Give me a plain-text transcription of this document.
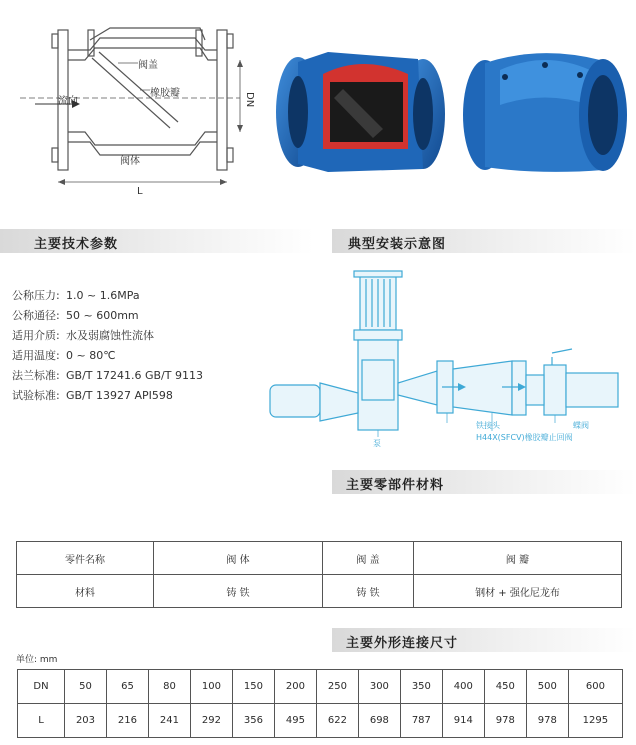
阀盖
流向
橡胶瓣
阀体
DN
L
主要技术参数
公称压力: 1.0 ~ 1.6MPa
公称通径: 50 ~ 600mm
适用介质: 水及弱腐蚀性流体
适用温度: 0 ~ 80℃
法兰标准: GB/T 17241.6 GB/T 9113
试验标准: GB/T 13927 API598
典型安装示意图
泵
铁接头
H44X(SFCV)橡胶瓣止回阀
蝶阀
主要零部件材料
零件名称	阀 体	阀 盖	阀 瓣
材料	铸 铁	铸 铁	钢材 + 强化尼龙布
主要外形连接尺寸
单位: mm
DN	50	65	80	100	150	200	250	300	350	400	450	500	600
L	203	216	241	292	356	495	622	698	787	914	978	978	1295
